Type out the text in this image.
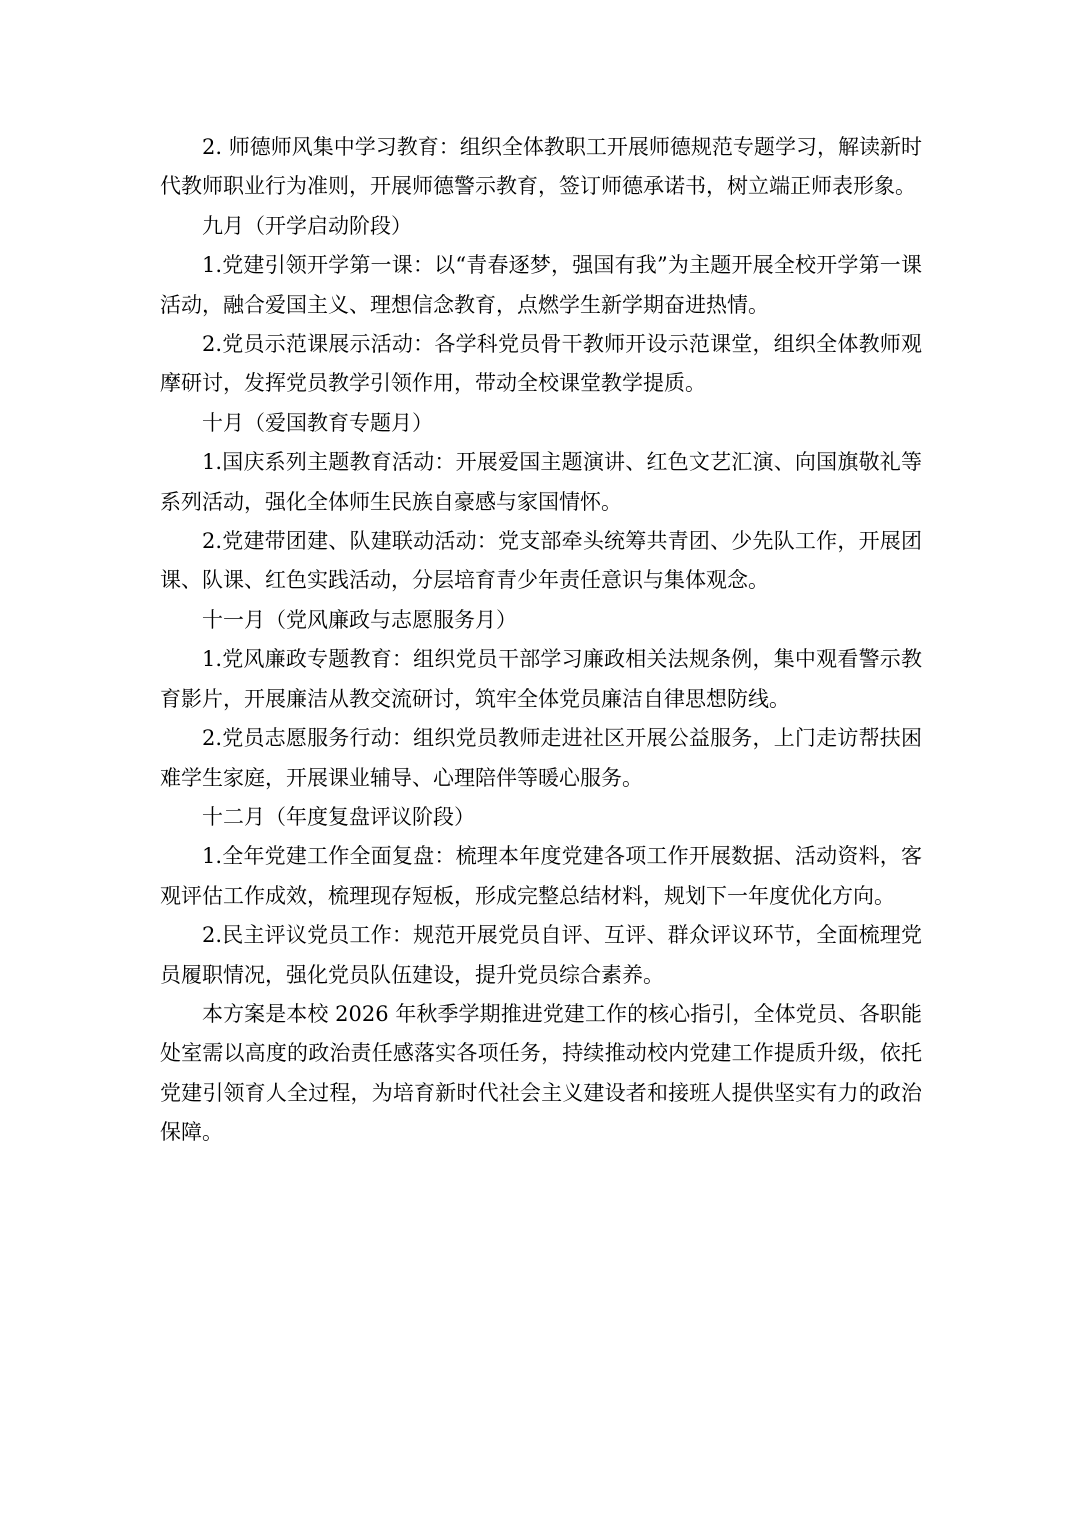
2. 师德师风集中学习教育：组织全体教职工开展师德规范专题学习，解读新时代教师职业行为准则，开展师德警示教育，签订师德承诺书，树立端正师表形象。

九月（开学启动阶段）

1.党建引领开学第一课：以“青春逐梦，强国有我”为主题开展全校开学第一课活动，融合爱国主义、理想信念教育，点燃学生新学期奋进热情。

2.党员示范课展示活动：各学科党员骨干教师开设示范课堂，组织全体教师观摩研讨，发挥党员教学引领作用，带动全校课堂教学提质。

十月（爱国教育专题月）

1.国庆系列主题教育活动：开展爱国主题演讲、红色文艺汇演、向国旗敬礼等系列活动，强化全体师生民族自豪感与家国情怀。

2.党建带团建、队建联动活动：党支部牵头统筹共青团、少先队工作，开展团课、队课、红色实践活动，分层培育青少年责任意识与集体观念。

十一月（党风廉政与志愿服务月）

1.党风廉政专题教育：组织党员干部学习廉政相关法规条例，集中观看警示教育影片，开展廉洁从教交流研讨，筑牢全体党员廉洁自律思想防线。

2.党员志愿服务行动：组织党员教师走进社区开展公益服务，上门走访帮扶困难学生家庭，开展课业辅导、心理陪伴等暖心服务。

十二月（年度复盘评议阶段）

1.全年党建工作全面复盘：梳理本年度党建各项工作开展数据、活动资料，客观评估工作成效，梳理现存短板，形成完整总结材料，规划下一年度优化方向。

2.民主评议党员工作：规范开展党员自评、互评、群众评议环节，全面梳理党员履职情况，强化党员队伍建设，提升党员综合素养。

本方案是本校 2026 年秋季学期推进党建工作的核心指引，全体党员、各职能处室需以高度的政治责任感落实各项任务，持续推动校内党建工作提质升级，依托党建引领育人全过程，为培育新时代社会主义建设者和接班人提供坚实有力的政治保障。
